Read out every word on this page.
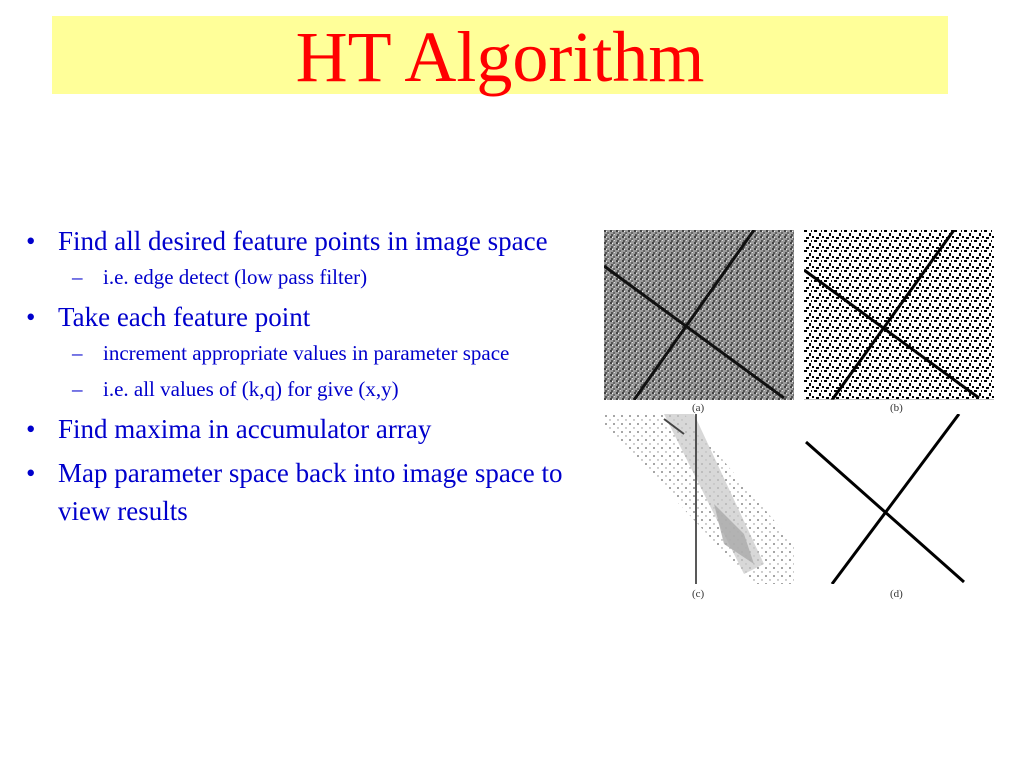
HT Algorithm
• Find all desired feature points in image space
– i.e. edge detect (low pass filter)
• Take each feature point
– increment appropriate values in parameter space
– i.e. all values of (k,q) for give (x,y)
• Find maxima in accumulator array
• Map parameter space back into image space to view results
(a)	(b)
(c)	(d)
